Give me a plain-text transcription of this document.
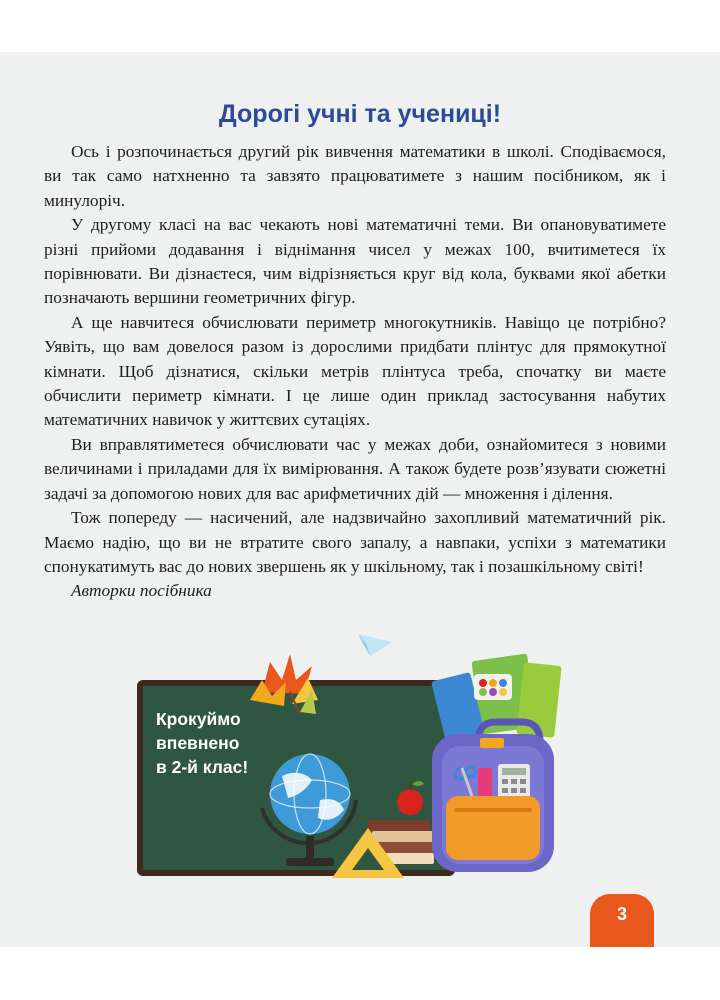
Дорогі учні та учениці!

Ось і розпочинається другий рік вивчення математики в школі. Сподіваємося, ви так само натхненно та завзято працюватимете з нашим посібником, як і минулоріч.

У другому класі на вас чекають нові математичні теми. Ви опановуватимете різні прийоми додавання і віднімання чисел у межах 100, вчитиметеся їх порівнювати. Ви дізнаєтеся, чим відрізняється круг від кола, буквами якої абетки позначають вершини геометричних фігур.

А ще навчитеся обчислювати периметр многокутників. Навіщо це потрібно? Уявіть, що вам довелося разом із дорослими придбати плінтус для прямокутної кімнати. Щоб дізнатися, скільки метрів плінтуса треба, спочатку ви маєте обчислити периметр кімнати. І це лише один приклад застосування набутих математичних навичок у життєвих сутаціях.

Ви вправлятиметеся обчислювати час у межах доби, ознайомитеся з новими величинами і приладами для їх вимірювання. А також будете розв’язувати сюжетні задачі за допомогою нових для вас арифметичних дій — множення і ділення.

Тож попереду — насичений, але надзвичайно захопливий математичний рік. Маємо надію, що ви не втратите свого запалу, а навпаки, успіхи з математики спонукатимуть вас до нових звершень як у шкільному, так і позашкільному світі!

Авторки посібника

Крокуймо
впевнено
в 2-й клас!
3
